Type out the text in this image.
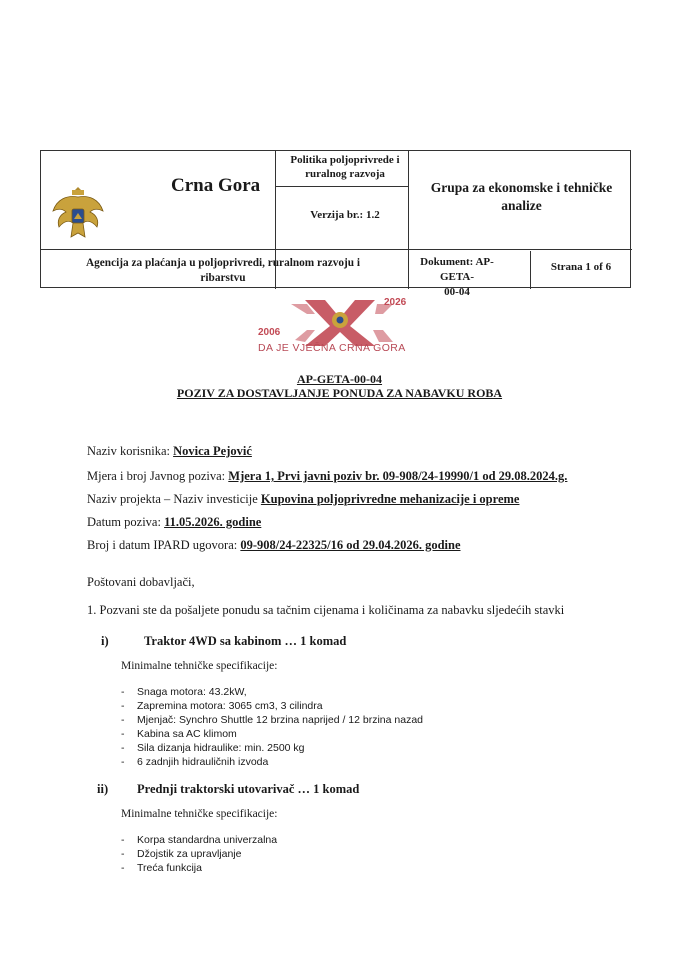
Crna Gora
Politika poljoprivrede i
ruralnog razvoja
Verzija br.: 1.2
Grupa za ekonomske i tehničke
analize
Agencija za plaćanja u poljoprivredi, ruralnom razvoju i
ribarstvu
Dokument: AP-GETA-
00-04
Strana 1 of 6
2006
2026
DA JE VJEČNA CRNA GORA
AP-GETA-00-04
POZIV ZA DOSTAVLJANJE PONUDA ZA NABAVKU ROBA
Naziv korisnika: Novica Pejović
Mjera i broj Javnog poziva: Mjera 1, Prvi javni poziv br. 09-908/24-19990/1 od 29.08.2024.g.
Naziv projekta – Naziv investicije Kupovina poljoprivredne mehanizacije i opreme
Datum poziva: 11.05.2026. godine
Broj i datum IPARD ugovora: 09-908/24-22325/16 od 29.04.2026. godine
Poštovani dobavljači,
1. Pozvani ste da pošaljete ponudu sa tačnim cijenama i količinama za nabavku sljedećih stavki
i)	Traktor 4WD sa kabinom … 1 komad
Minimalne tehničke specifikacije:
- Snaga motora: 43.2kW,
- Zapremina motora: 3065 cm3, 3 cilindra
- Mjenjač: Synchro Shuttle 12 brzina naprijed / 12 brzina nazad
- Kabina sa AC klimom
- Sila dizanja hidraulike: min. 2500 kg
- 6 zadnjih hidrauličnih izvoda
ii) Prednji traktorski utovarivač … 1 komad
Minimalne tehničke specifikacije:
- Korpa standardna univerzalna
- Džojstik za upravljanje
- Treća funkcija
